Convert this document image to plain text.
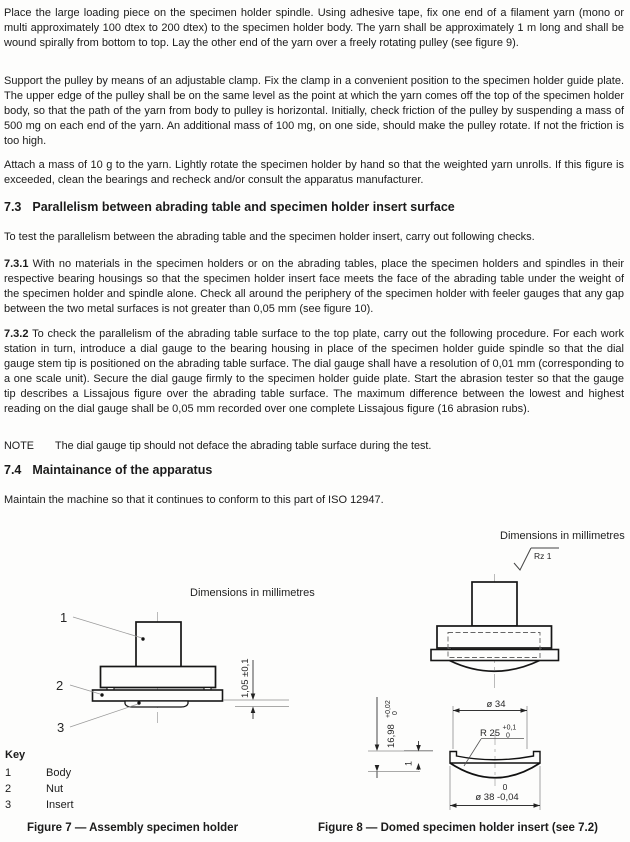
Place the large loading piece on the specimen holder spindle. Using adhesive tape, fix one end of a filament yarn (mono or multi approximately 100 dtex to 200 dtex) to the specimen holder body. The yarn shall be approximately 1 m long and shall be wound spirally from bottom to top. Lay the other end of the yarn over a freely rotating pulley (see figure 9).

Support the pulley by means of an adjustable clamp. Fix the clamp in a convenient position to the specimen holder guide plate. The upper edge of the pulley shall be on the same level as the point at which the yarn comes off the top of the specimen holder body, so that the path of the yarn from body to pulley is horizontal. Initially, check friction of the pulley by suspending a mass of 500 mg on each end of the yarn. An additional mass of 100 mg, on one side, should make the pulley rotate. If not the friction is too high.

Attach a mass of 10 g to the yarn. Lightly rotate the specimen holder by hand so that the weighted yarn unrolls. If this figure is exceeded, clean the bearings and recheck and/or consult the apparatus manufacturer.

7.3 Parallelism between abrading table and specimen holder insert surface

To test the parallelism between the abrading table and the specimen holder insert, carry out following checks.

7.3.1 With no materials in the specimen holders or on the abrading tables, place the specimen holders and spindles in their respective bearing housings so that the specimen holder insert face meets the face of the abrading table under the weight of the specimen holder and spindle alone. Check all around the periphery of the specimen holder with feeler gauges that any gap between the two metal surfaces is not greater than 0,05 mm (see figure 10).

7.3.2 To check the parallelism of the abrading table surface to the top plate, carry out the following procedure. For each work station in turn, introduce a dial gauge to the bearing housing in place of the specimen holder guide spindle so that the dial gauge stem tip is positioned on the abrading table surface. The dial gauge shall have a resolution of 0,01 mm (corresponding to a one scale unit). Secure the dial gauge firmly to the specimen holder guide plate. Start the abrasion tester so that the gauge tip describes a Lissajous figure over the abrading table surface. The maximum difference between the lowest and highest reading on the dial gauge shall be 0,05 mm recorded over one complete Lissajous figure (16 abrasion rubs).

NOTE The dial gauge tip should not deface the abrading table surface during the test.
7.4 Maintainance of the apparatus

Maintain the machine so that it continues to conform to this part of ISO 12947.

Dimensions in millimetres
Dimensions in millimetres
1
2
3
1,05 ±0,1
Rz 1
ø 34
R 25 +0,1
0
16,98
+0,02 0
1
0
ø 38 -0,04
Key
1	Body
2	Nut
3	Insert
Figure 7 — Assembly specimen holder	Figure 8 — Domed specimen holder insert (see 7.2)
